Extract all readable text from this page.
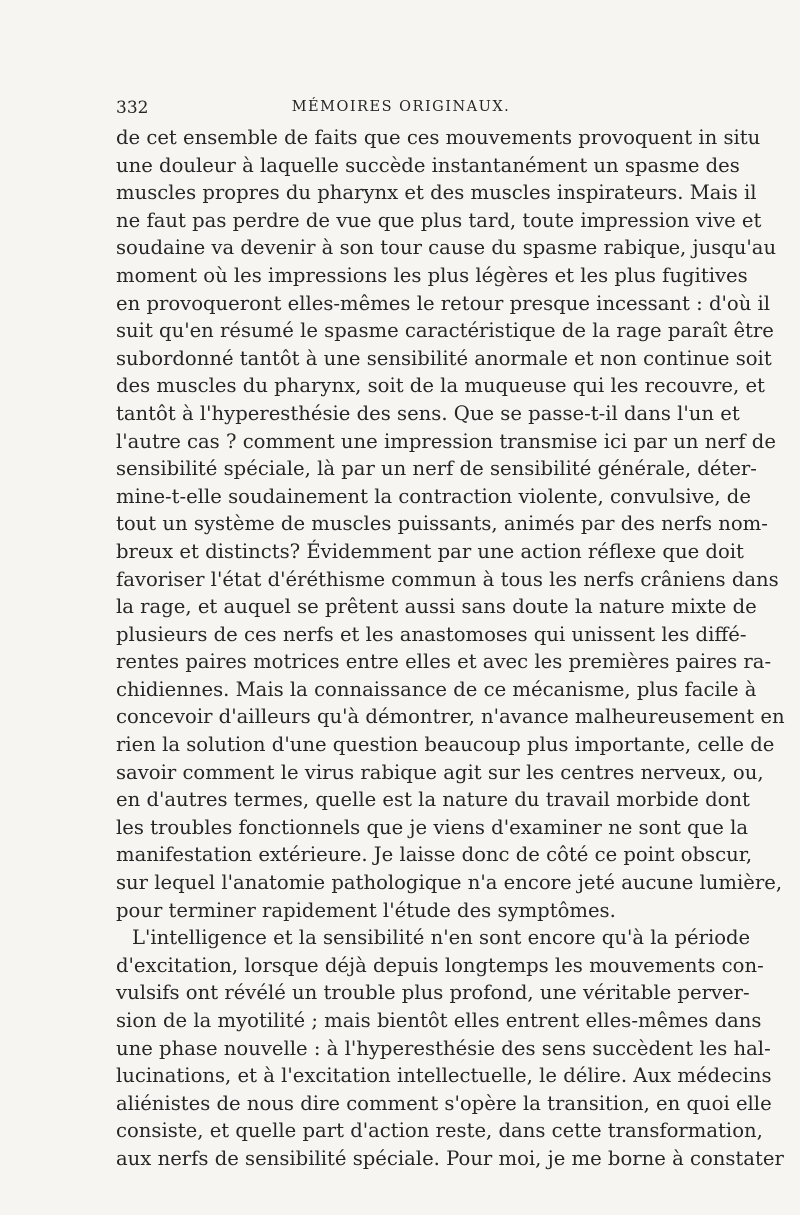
332	MÉMOIRES ORIGINAUX.
de cet ensemble de faits que ces mouvements provoquent in situ
une douleur à laquelle succède instantanément un spasme des
muscles propres du pharynx et des muscles inspirateurs. Mais il
ne faut pas perdre de vue que plus tard, toute impression vive et
soudaine va devenir à son tour cause du spasme rabique, jusqu'au
moment où les impressions les plus légères et les plus fugitives
en provoqueront elles-mêmes le retour presque incessant : d'où il
suit qu'en résumé le spasme caractéristique de la rage paraît être
subordonné tantôt à une sensibilité anormale et non continue soit
des muscles du pharynx, soit de la muqueuse qui les recouvre, et
tantôt à l'hyperesthésie des sens. Que se passe-t-il dans l'un et
l'autre cas ? comment une impression transmise ici par un nerf de
sensibilité spéciale, là par un nerf de sensibilité générale, déter-
mine-t-elle soudainement la contraction violente, convulsive, de
tout un système de muscles puissants, animés par des nerfs nom-
breux et distincts? Évidemment par une action réflexe que doit
favoriser l'état d'éréthisme commun à tous les nerfs crâniens dans
la rage, et auquel se prêtent aussi sans doute la nature mixte de
plusieurs de ces nerfs et les anastomoses qui unissent les diffé-
rentes paires motrices entre elles et avec les premières paires ra-
chidiennes. Mais la connaissance de ce mécanisme, plus facile à
concevoir d'ailleurs qu'à démontrer, n'avance malheureusement en
rien la solution d'une question beaucoup plus importante, celle de
savoir comment le virus rabique agit sur les centres nerveux, ou,
en d'autres termes, quelle est la nature du travail morbide dont
les troubles fonctionnels que je viens d'examiner ne sont que la
manifestation extérieure. Je laisse donc de côté ce point obscur,
sur lequel l'anatomie pathologique n'a encore jeté aucune lumière,
pour terminer rapidement l'étude des symptômes.
L'intelligence et la sensibilité n'en sont encore qu'à la période
d'excitation, lorsque déjà depuis longtemps les mouvements con-
vulsifs ont révélé un trouble plus profond, une véritable perver-
sion de la myotilité ; mais bientôt elles entrent elles-mêmes dans
une phase nouvelle : à l'hyperesthésie des sens succèdent les hal-
lucinations, et à l'excitation intellectuelle, le délire. Aux médecins
aliénistes de nous dire comment s'opère la transition, en quoi elle
consiste, et quelle part d'action reste, dans cette transformation,
aux nerfs de sensibilité spéciale. Pour moi, je me borne à constater
